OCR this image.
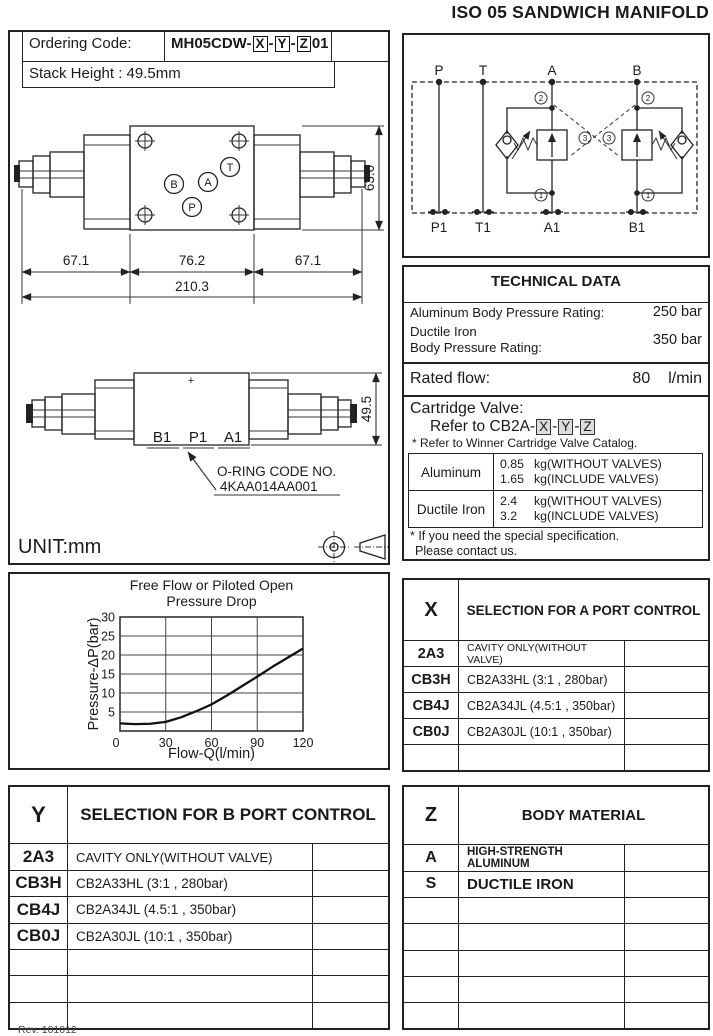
ISO 05 SANDWICH MANIFOLD
Ordering Code:	MH05CDW- X - Y - Z 01
Stack Height : 49.5mm
T
B A
P
67.1	76.2	67.1
210.3
63.0
+
B1 P1 A1
O-RING CODE NO.
4KAA014AA001
49.5
UNIT:mm
P	T	A	B
P1 T1	A1	B1
2	2
1	1
3 3
TECHNICAL DATA
Aluminum Body Pressure Rating:	250 bar
Ductile Iron
Body Pressure Rating:	350 bar
Rated flow:	80 l/min
Cartridge Valve:
Refer to CB2A- X - Y - Z
* Refer to Winner Cartridge Valve Catalog.
Aluminum
0.85 kg(WITHOUT VALVES)
1.65 kg(INCLUDE VALVES)
Ductile Iron
2.4	kg(WITHOUT VALVES)
3.2	kg(INCLUDE VALVES)
* If you need the special specification.
Please contact us.
5
10
15
20
25
30
0	30	60	90 120
Free Flow or Piloted Open
Pressure Drop
Flow-Q(l/min)
Pressure-ΔP(bar)
X	SELECTION FOR A PORT CONTROL
2A3	CAVITY ONLY(WITHOUT VALVE)
CB3H	CB2A33HL (3:1 , 280bar)
CB4J	CB2A34JL (4.5:1 , 350bar)
CB0J	CB2A30JL (10:1 , 350bar)
Y	SELECTION FOR B PORT CONTROL
2A3	CAVITY ONLY(WITHOUT VALVE)
CB3H	CB2A33HL (3:1 , 280bar)
CB4J	CB2A34JL (4.5:1 , 350bar)
CB0J	CB2A30JL (10:1 , 350bar)
Z	BODY MATERIAL
A	HIGH-STRENGTH ALUMINUM
S	DUCTILE IRON
Rev. 101012
